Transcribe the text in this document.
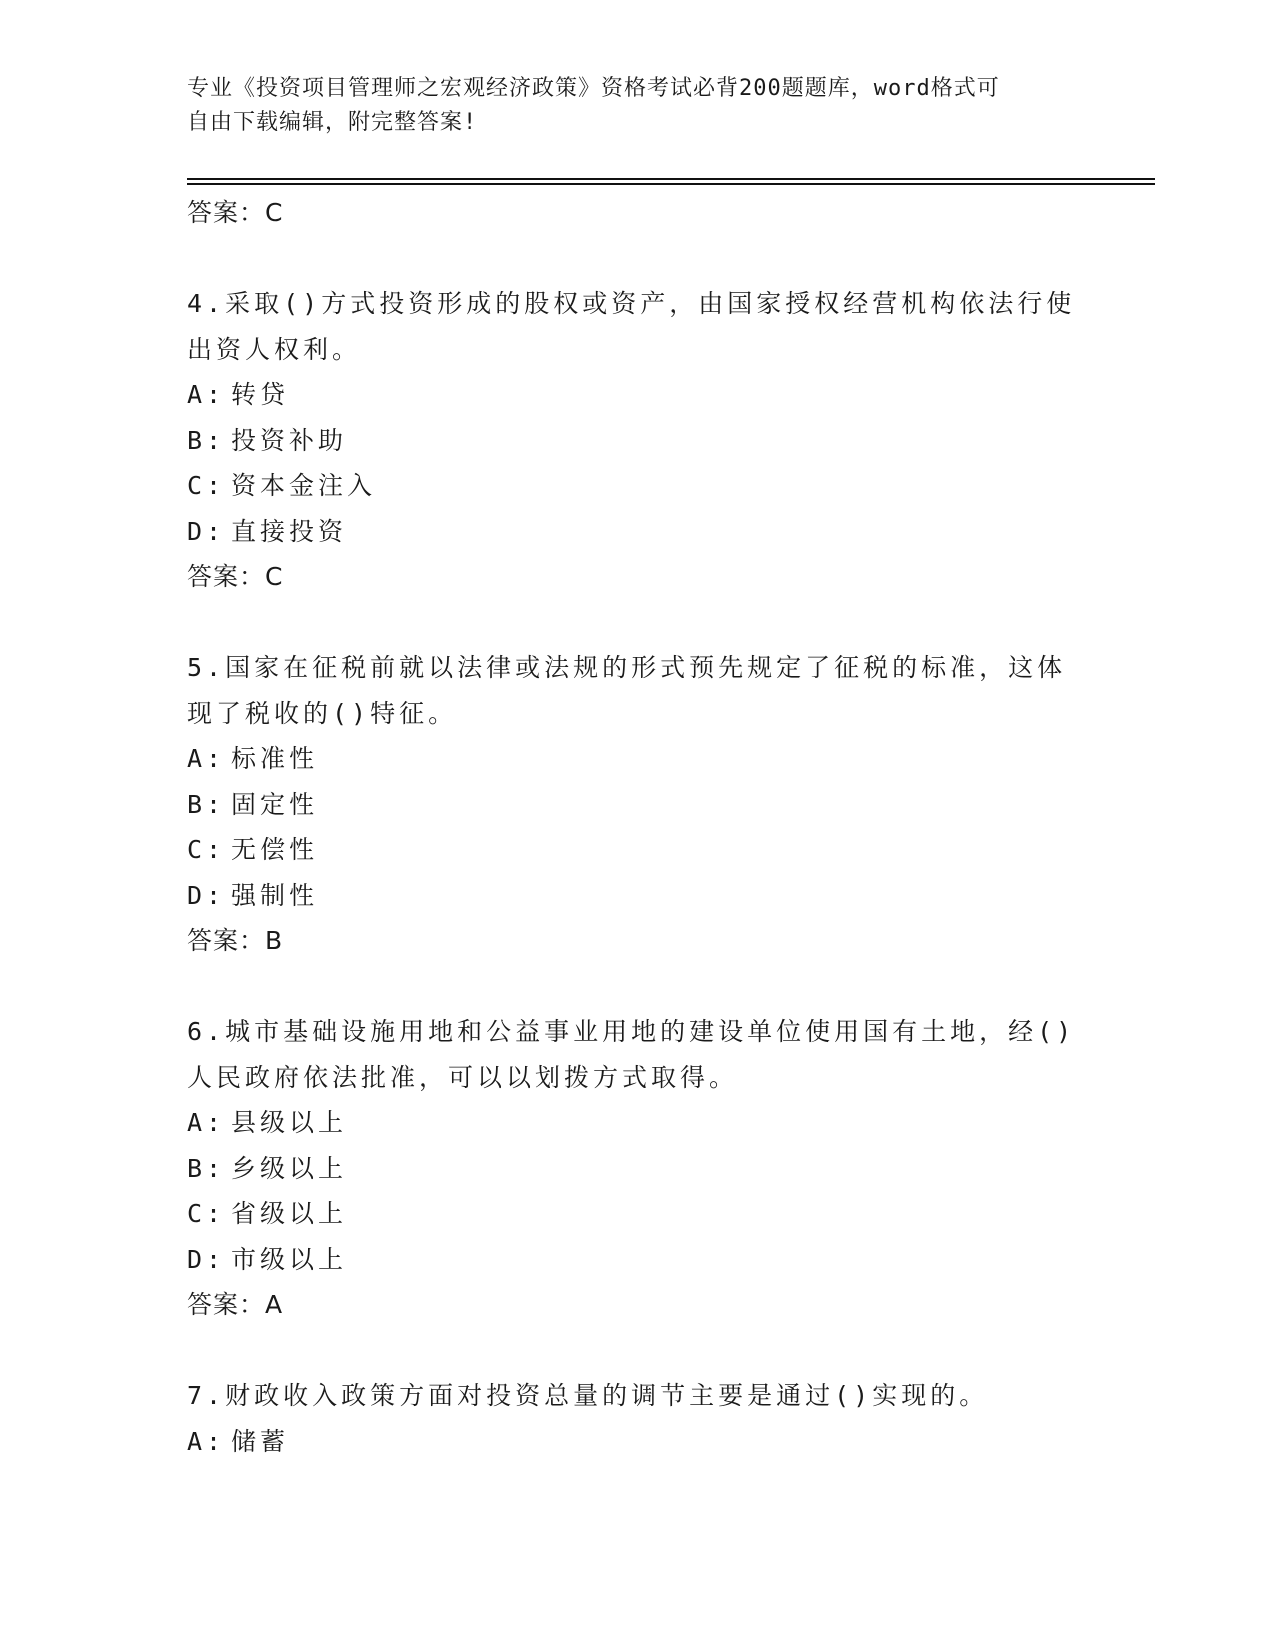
专业《投资项目管理师之宏观经济政策》资格考试必背200题题库，word格式可
自由下载编辑，附完整答案!
答案：C
4.采取()方式投资形成的股权或资产，由国家授权经营机构依法行使
出资人权利。
A: 转贷
B: 投资补助
C: 资本金注入
D: 直接投资
答案：C
5.国家在征税前就以法律或法规的形式预先规定了征税的标准，这体
现了税收的()特征。
A: 标准性
B: 固定性
C: 无偿性
D: 强制性
答案：B
6.城市基础设施用地和公益事业用地的建设单位使用国有土地，经()
人民政府依法批准，可以以划拨方式取得。
A: 县级以上
B: 乡级以上
C: 省级以上
D: 市级以上
答案：A
7.财政收入政策方面对投资总量的调节主要是通过()实现的。
A: 储蓄
